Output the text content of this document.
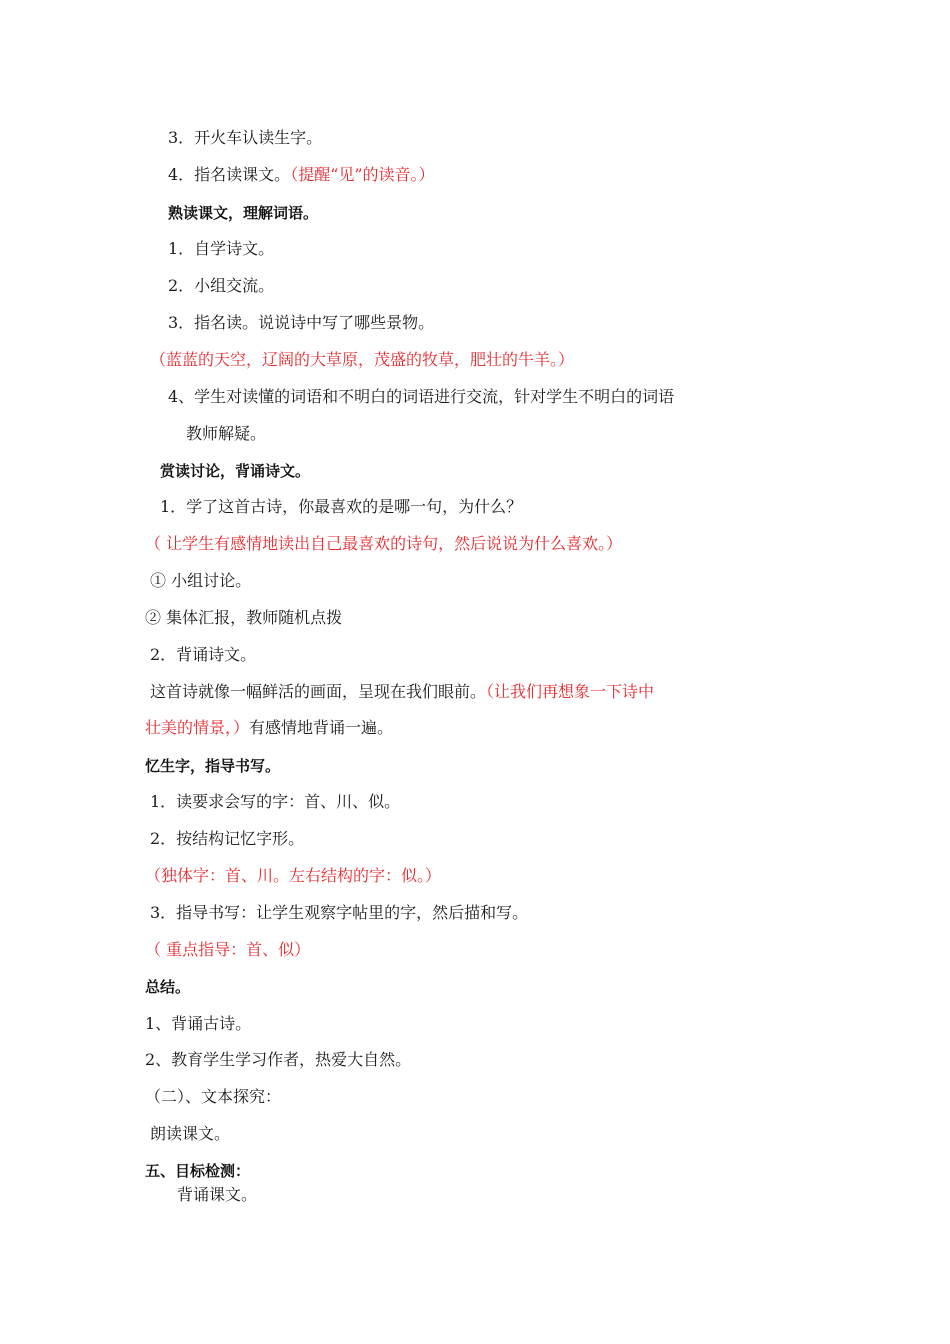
3．开火车认读生字。
4．指名读课文。（提醒“见”的读音。）
熟读课文，理解词语。
1．自学诗文。
2．小组交流。
3．指名读。说说诗中写了哪些景物。
（蓝蓝的天空，辽阔的大草原，茂盛的牧草，肥壮的牛羊。）
4、学生对读懂的词语和不明白的词语进行交流，针对学生不明白的词语
教师解疑。
赏读讨论，背诵诗文。
1．学了这首古诗，你最喜欢的是哪一句，为什么？
（ 让学生有感情地读出自己最喜欢的诗句，然后说说为什么喜欢。）
① 小组讨论。
② 集体汇报，教师随机点拨
2．背诵诗文。
这首诗就像一幅鲜活的画面，呈现在我们眼前。（让我们再想象一下诗中
壮美的情景，）有感情地背诵一遍。
忆生字，指导书写。
1．读要求会写的字：首、川、似。
2．按结构记忆字形。
（独体字：首、川。左右结构的字：似。）
3．指导书写：让学生观察字帖里的字，然后描和写。
（ 重点指导：首、似）
总结。
1、背诵古诗。
2、教育学生学习作者，热爱大自然。
（二）、文本探究：
朗读课文。
五、目标检测：
背诵课文。
